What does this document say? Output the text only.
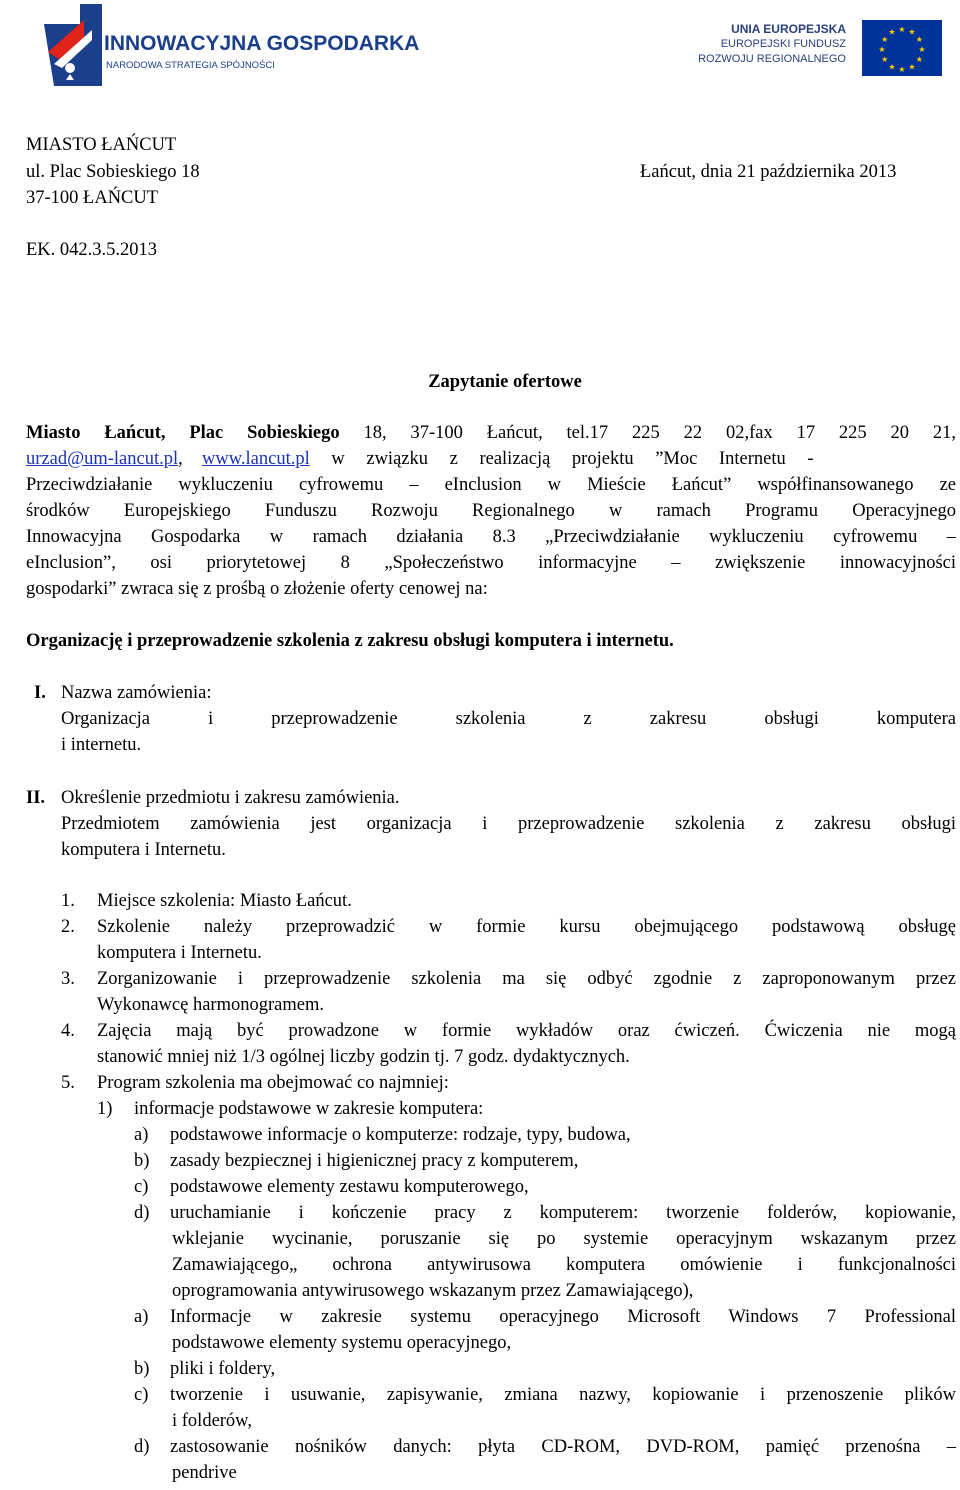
INNOWACYJNA GOSPODARKA
NARODOWA STRATEGIA SPÓJNOŚCI
UNIA EUROPEJSKA
EUROPEJSKI FUNDUSZ
ROZWOJU REGIONALNEGO
★ ★
★
★
★
★
★
★
★
★
★
★
MIASTO ŁAŃCUT
ul. Plac Sobieskiego 18	Łańcut, dnia 21 października 2013
37-100 ŁAŃCUT
EK. 042.3.5.2013
Zapytanie ofertowe
Miasto Łańcut, Plac Sobieskiego 18, 37-100 Łańcut, tel.17 225 22 02,fax 17 225 20 21,
urzad@um-lancut.pl, www.lancut.pl w związku z realizacją projektu ”Moc Internetu -
Przeciwdziałanie wykluczeniu cyfrowemu – eInclusion w Mieście Łańcut” współfinansowanego ze
środków Europejskiego Funduszu Rozwoju Regionalnego w ramach Programu Operacyjnego
Innowacyjna Gospodarka w ramach działania 8.3 „Przeciwdziałanie wykluczeniu cyfrowemu –
eInclusion”, osi priorytetowej 8 „Społeczeństwo informacyjne – zwiększenie innowacyjności
gospodarki” zwraca się z prośbą o złożenie oferty cenowej na:
Organizację i przeprowadzenie szkolenia z zakresu obsługi komputera i internetu.
I. Nazwa zamówienia:
Organizacja i przeprowadzenie szkolenia z zakresu obsługi komputera
i internetu.
II. Określenie przedmiotu i zakresu zamówienia.
Przedmiotem zamówienia jest organizacja i przeprowadzenie szkolenia z zakresu obsługi
komputera i Internetu.
1. Miejsce szkolenia: Miasto Łańcut.
2. Szkolenie należy przeprowadzić w formie kursu obejmującego podstawową obsługę
komputera i Internetu.
3. Zorganizowanie i przeprowadzenie szkolenia ma się odbyć zgodnie z zaproponowanym przez
Wykonawcę harmonogramem.
4. Zajęcia mają być prowadzone w formie wykładów oraz ćwiczeń. Ćwiczenia nie mogą
stanowić mniej niż 1/3 ogólnej liczby godzin tj. 7 godz. dydaktycznych.
5. Program szkolenia ma obejmować co najmniej:
1) informacje podstawowe w zakresie komputera:
a) podstawowe informacje o komputerze: rodzaje, typy, budowa,
b) zasady bezpiecznej i higienicznej pracy z komputerem,
c) podstawowe elementy zestawu komputerowego,
d) uruchamianie i kończenie pracy z komputerem: tworzenie folderów, kopiowanie,
wklejanie wycinanie, poruszanie się po systemie operacyjnym wskazanym przez
Zamawiającego„ ochrona antywirusowa komputera omówienie i funkcjonalności
oprogramowania antywirusowego wskazanym przez Zamawiającego),
a) Informacje w zakresie systemu operacyjnego Microsoft Windows 7 Professional
podstawowe elementy systemu operacyjnego,
b) pliki i foldery,
c) tworzenie i usuwanie, zapisywanie, zmiana nazwy, kopiowanie i przenoszenie plików
i folderów,
d) zastosowanie nośników danych: płyta CD-ROM, DVD-ROM, pamięć przenośna –
pendrive
